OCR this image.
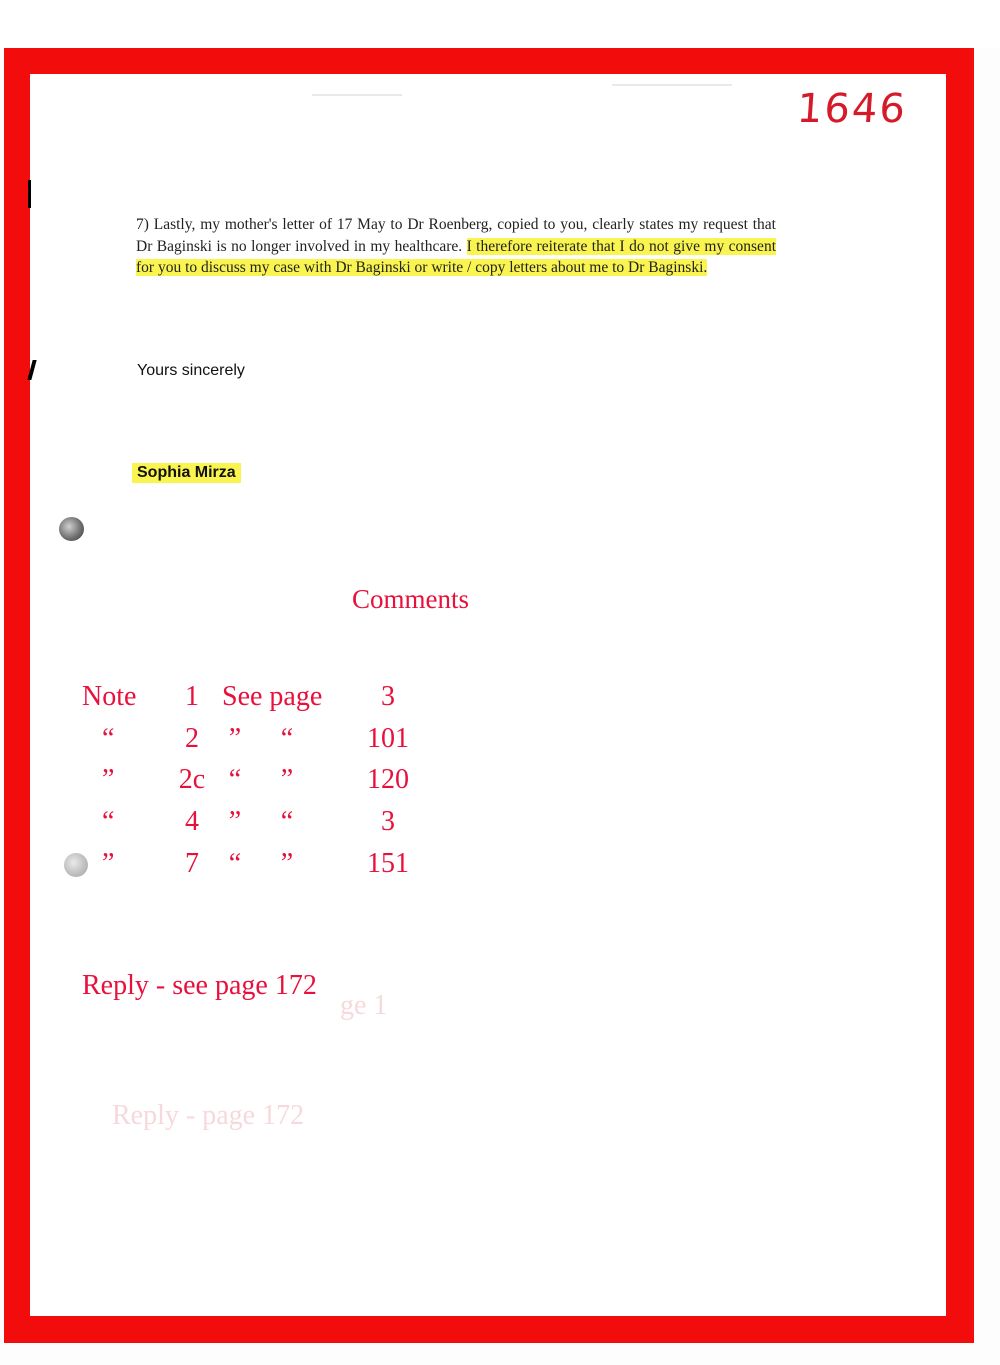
1646
7) Lastly, my mother's letter of 17 May to Dr Roenberg, copied to you, clearly states my request that Dr Baginski is no longer involved in my healthcare. I therefore reiterate that I do not give my consent for you to discuss my case with Dr Baginski or write / copy letters about me to Dr Baginski.
Yours sincerely
Sophia Mirza
Comments
Note	1	See page			3
“	2	”	“		101
”	2c	“	”		120
“	4	”	“		3
”	7	“	”		151
ge 1
Reply - see page 172
Reply - page 172
